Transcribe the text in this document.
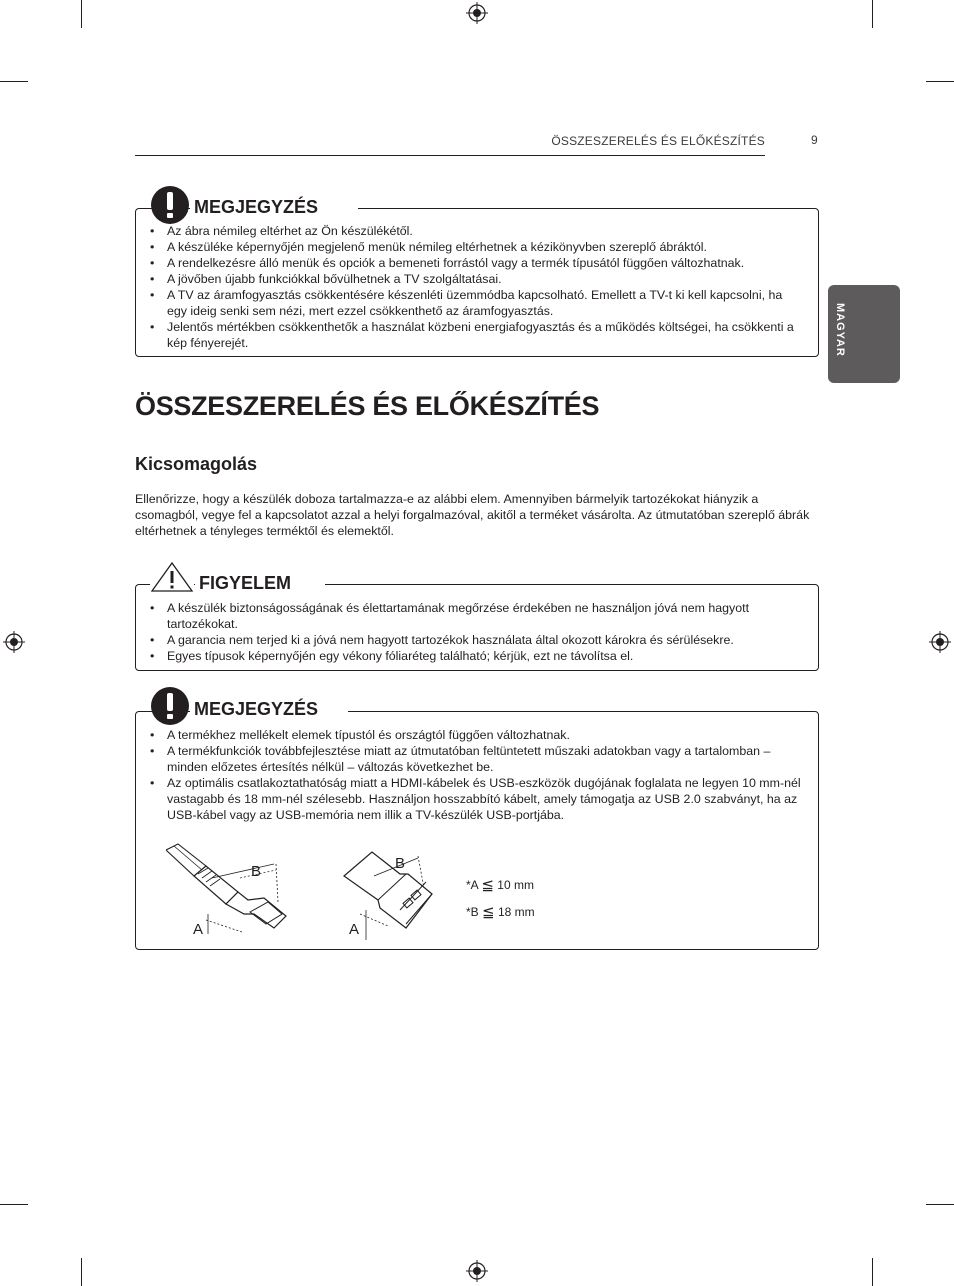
ÖSSZESZERELÉS ÉS ELŐKÉSZÍTÉS	9
MAGYAR
• Az ábra némileg eltérhet az Ön készülékétől.
• A készüléke képernyőjén megjelenő menük némileg eltérhetnek a kézikönyvben szereplő ábráktól.
• A rendelkezésre álló menük és opciók a bemeneti forrástól vagy a termék típusától függően változhatnak.
• A jövőben újabb funkciókkal bővülhetnek a TV szolgáltatásai.
• A TV az áramfogyasztás csökkentésére készenléti üzemmódba kapcsolható. Emellett a TV-t ki kell kapcsolni, ha egy ideig senki sem nézi, mert ezzel csökkenthető az áramfogyasztás.
• Jelentős mértékben csökkenthetők a használat közbeni energiafogyasztás és a működés költségei, ha csökkenti a kép fényerejét.
MEGJEGYZÉS
ÖSSZESZERELÉS ÉS ELŐKÉSZÍTÉS
Kicsomagolás
Ellenőrizze, hogy a készülék doboza tartalmazza-e az alábbi elem. Amennyiben bármelyik tartozékokat hiányzik a csomagból, vegye fel a kapcsolatot azzal a helyi forgalmazóval, akitől a terméket vásárolta. Az útmutatóban szereplő ábrák eltérhetnek a tényleges terméktől és elemektől.
• A készülék biztonságosságának és élettartamának megőrzése érdekében ne használjon jóvá nem hagyott tartozékokat.
• A garancia nem terjed ki a jóvá nem hagyott tartozékok használata által okozott károkra és sérülésekre.
• Egyes típusok képernyőjén egy vékony fóliaréteg található; kérjük, ezt ne távolítsa el.
FIGYELEM
• A termékhez mellékelt elemek típustól és országtól függően változhatnak.
• A termékfunkciók továbbfejlesztése miatt az útmutatóban feltüntetett műszaki adatokban vagy a tartalomban – minden előzetes értesítés nélkül – változás következhet be.
• Az optimális csatlakoztathatóság miatt a HDMI-kábelek és USB-eszközök dugójának foglalata ne legyen 10 mm-nél vastagabb és 18 mm-nél szélesebb. Használjon hosszabbító kábelt, amely támogatja az USB 2.0 szabványt, ha az USB-kábel vagy az USB-memória nem illik a TV-készülék USB-portjába.
MEGJEGYZÉS
B
A
B
A
*A ≦ 10 mm
*B ≦ 18 mm
